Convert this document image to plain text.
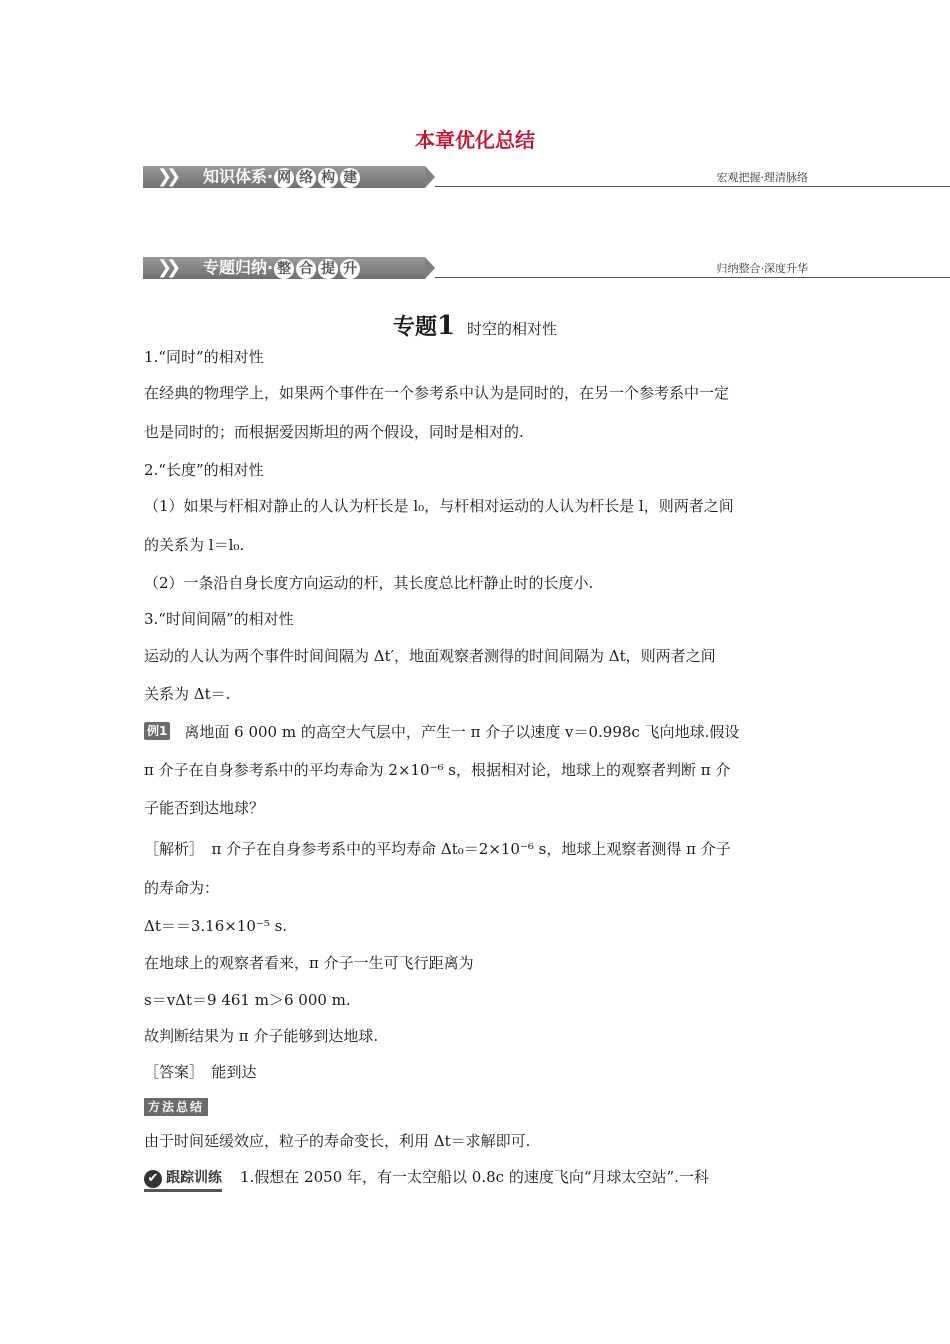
本章优化总结
❯❯ 知识体系· 网 络 构 建	宏观把握·理清脉络
❯❯ 专题归纳· 整 合 提 升	归纳整合·深度升华
专题1 时空的相对性
1.“同时”的相对性
在经典的物理学上，如果两个事件在一个参考系中认为是同时的，在另一个参考系中一定
也是同时的；而根据爱因斯坦的两个假设，同时是相对的.
2.“长度”的相对性
（1）如果与杆相对静止的人认为杆长是 l₀，与杆相对运动的人认为杆长是 l，则两者之间
的关系为 l＝l₀.
（2）一条沿自身长度方向运动的杆，其长度总比杆静止时的长度小.
3.“时间间隔”的相对性
运动的人认为两个事件时间间隔为 Δt′，地面观察者测得的时间间隔为 Δt，则两者之间
关系为 Δt＝.
例1 离地面 6 000 m 的高空大气层中，产生一 π 介子以速度 v＝0.998c 飞向地球.假设
π 介子在自身参考系中的平均寿命为 2×10⁻⁶ s，根据相对论，地球上的观察者判断 π 介
子能否到达地球？
［解析］　π 介子在自身参考系中的平均寿命 Δt₀＝2×10⁻⁶ s，地球上观察者测得 π 介子
的寿命为：
Δt＝＝3.16×10⁻⁵ s.
在地球上的观察者看来，π 介子一生可飞行距离为
s＝vΔt＝9 461 m＞6 000 m.
故判断结果为 π 介子能够到达地球.
［答案］　能到达
方法总结
由于时间延缓效应，粒子的寿命变长，利用 Δt＝求解即可.
✔ 跟踪训练 1.假想在 2050 年，有一太空船以 0.8c 的速度飞向“月球太空站”.一科
